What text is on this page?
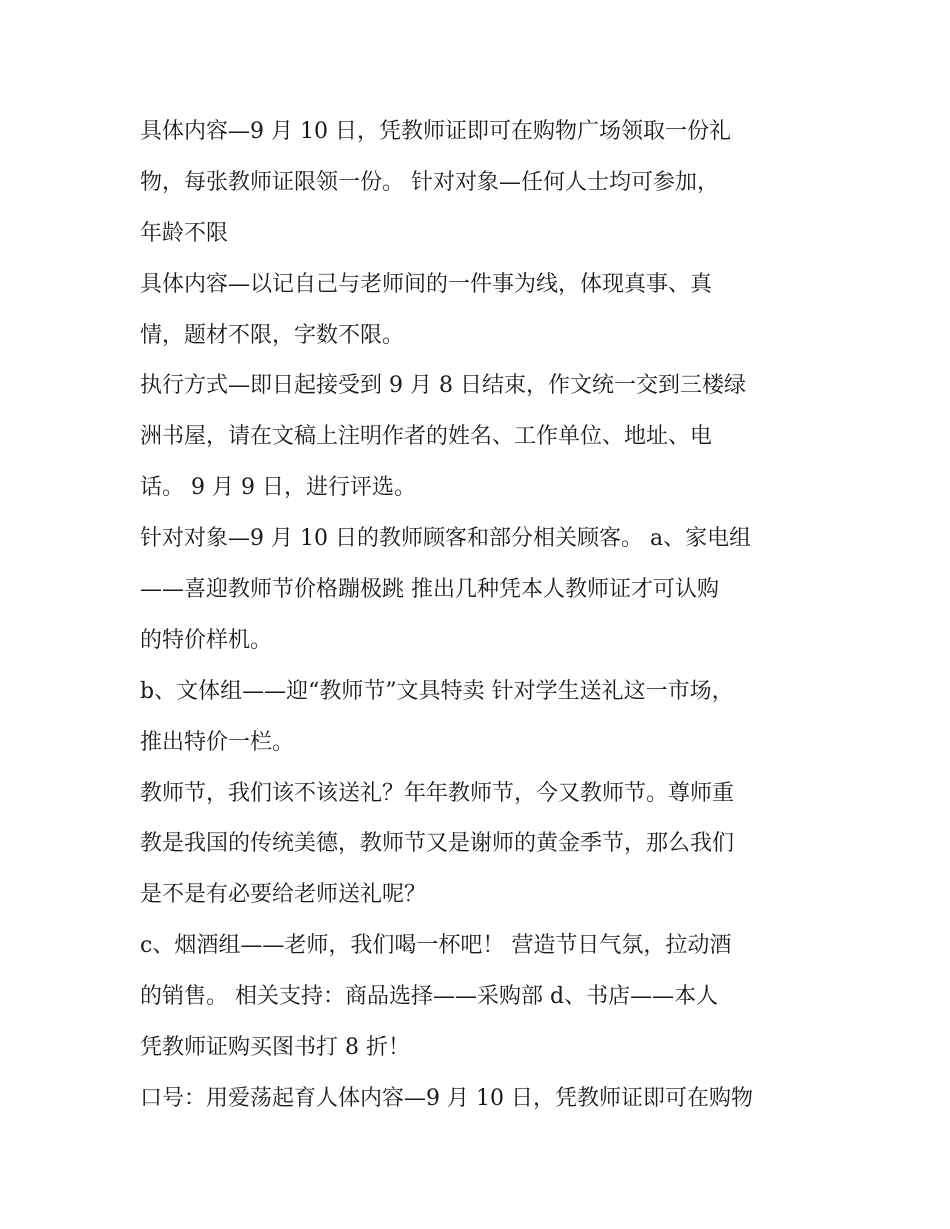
具体内容—9 月 10 日，凭教师证即可在购物广场领取一份礼
物，每张教师证限领一份。 针对对象—任何人士均可参加，
年龄不限
具体内容—以记自己与老师间的一件事为线，体现真事、真
情，题材不限，字数不限。
执行方式—即日起接受到 9 月 8 日结束，作文统一交到三楼绿
洲书屋，请在文稿上注明作者的姓名、工作单位、地址、电
话。 9 月 9 日，进行评选。
针对对象—9 月 10 日的教师顾客和部分相关顾客。 a、家电组
——喜迎教师节价格蹦极跳 推出几种凭本人教师证才可认购
的特价样机。
b、文体组——迎“教师节”文具特卖 针对学生送礼这一市场，
推出特价一栏。
教师节，我们该不该送礼？年年教师节，今又教师节。尊师重
教是我国的传统美德，教师节又是谢师的黄金季节，那么我们
是不是有必要给老师送礼呢？
c、烟酒组——老师，我们喝一杯吧！ 营造节日气氛，拉动酒
的销售。 相关支持：商品选择——采购部 d、书店——本人
凭教师证购买图书打 8 折！
口号：用爱荡起育人体内容—9 月 10 日，凭教师证即可在购物
